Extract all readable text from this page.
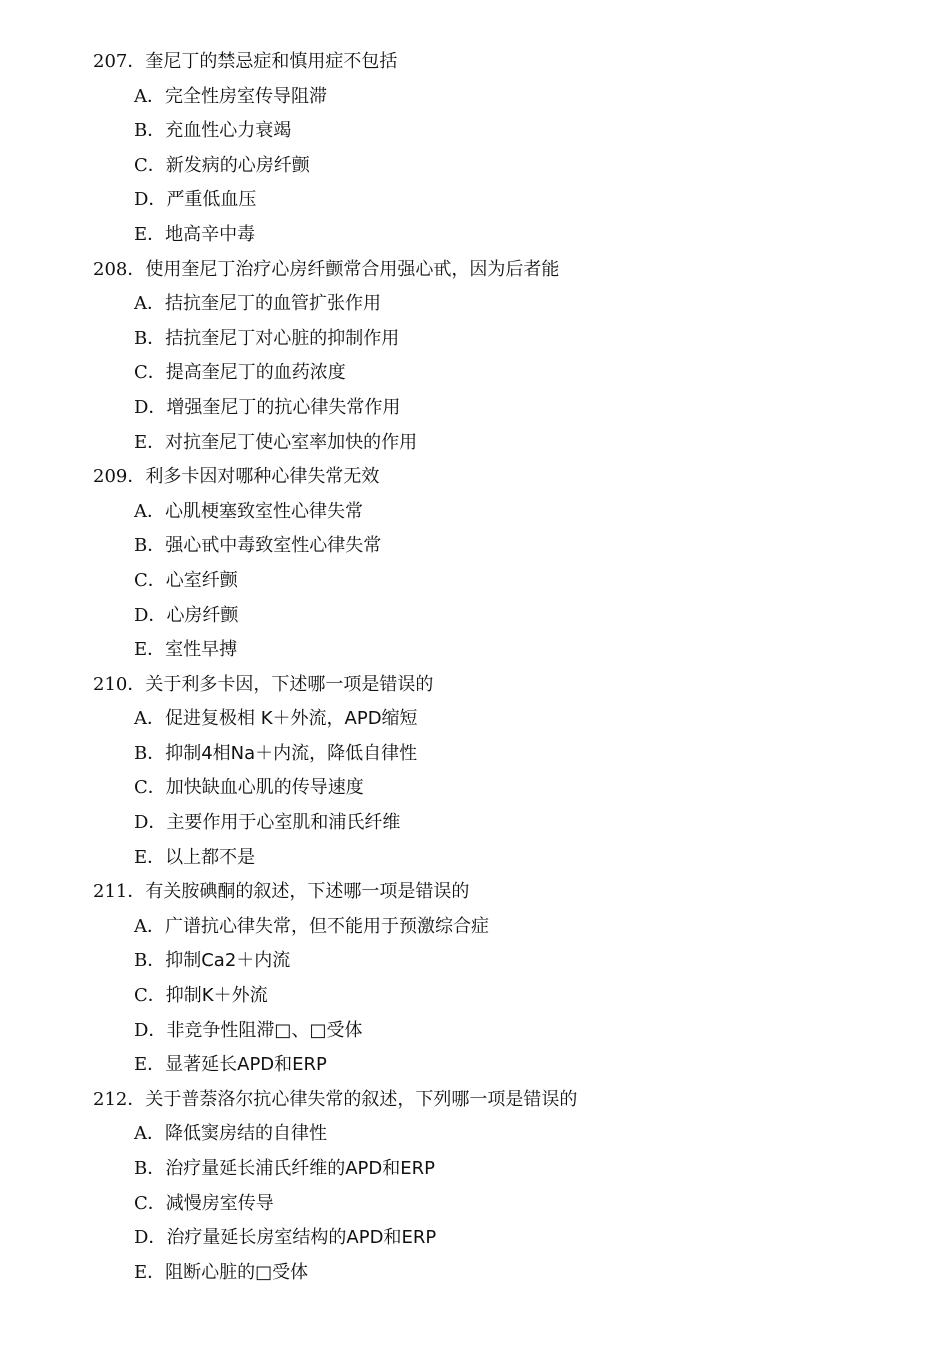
207．奎尼丁的禁忌症和慎用症不包括
A．完全性房室传导阻滞
B．充血性心力衰竭
C．新发病的心房纤颤
D．严重低血压
E．地高辛中毒
208．使用奎尼丁治疗心房纤颤常合用强心甙，因为后者能
A．拮抗奎尼丁的血管扩张作用
B．拮抗奎尼丁对心脏的抑制作用
C．提高奎尼丁的血药浓度
D．增强奎尼丁的抗心律失常作用
E．对抗奎尼丁使心室率加快的作用
209．利多卡因对哪种心律失常无效
A．心肌梗塞致室性心律失常
B．强心甙中毒致室性心律失常
C．心室纤颤
D．心房纤颤
E．室性早搏
210．关于利多卡因，下述哪一项是错误的
A．促进复极相 K＋外流，APD缩短
B．抑制4相Na＋内流，降低自律性
C．加快缺血心肌的传导速度
D．主要作用于心室肌和浦氏纤维
E．以上都不是
211．有关胺碘酮的叙述，下述哪一项是错误的
A．广谱抗心律失常，但不能用于预激综合症
B．抑制Ca2＋内流
C．抑制K＋外流
D．非竞争性阻滞□、□受体
E．显著延长APD和ERP
212．关于普萘洛尔抗心律失常的叙述，下列哪一项是错误的
A．降低窦房结的自律性
B．治疗量延长浦氏纤维的APD和ERP
C．减慢房室传导
D．治疗量延长房室结构的APD和ERP
E．阻断心脏的□受体
